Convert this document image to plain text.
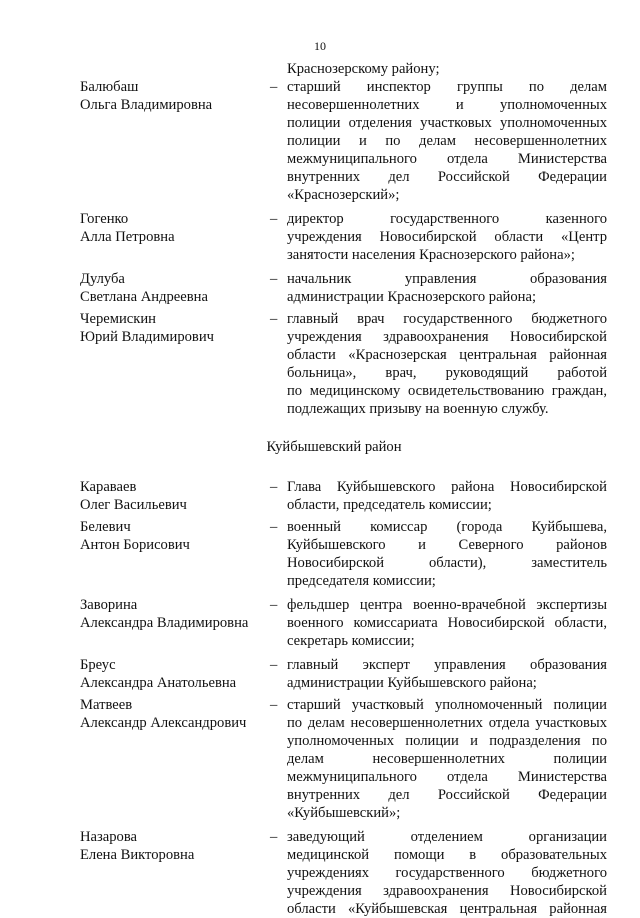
10
Краснозерскому району;
Балюбаш
Ольга Владимировна
– старший инспектор группы по делам
несовершеннолетних и уполномоченных
полиции отделения участковых уполномоченных
полиции и по делам несовершеннолетних
межмуниципального отдела Министерства
внутренних дел Российской Федерации
«Краснозерский»;
Гогенко
Алла Петровна
– директор государственного казенного
учреждения Новосибирской области «Центр
занятости населения Краснозерского района»;
Дулуба
Светлана Андреевна
– начальник управления образования
администрации Краснозерского района;
Черемискин
Юрий Владимирович
– главный врач государственного бюджетного
учреждения здравоохранения Новосибирской
области «Краснозерская центральная районная
больница», врач, руководящий работой
по медицинскому освидетельствованию граждан,
подлежащих призыву на военную службу.
Куйбышевский район
Караваев
Олег Васильевич
– Глава Куйбышевского района Новосибирской
области, председатель комиссии;
Белевич
Антон Борисович
– военный комиссар (города Куйбышева,
Куйбышевского и Северного районов
Новосибирской области), заместитель
председателя комиссии;
Заворина
Александра Владимировна
– фельдшер центра военно-врачебной экспертизы
военного комиссариата Новосибирской области,
секретарь комиссии;
Бреус
Александра Анатольевна
– главный эксперт управления образования
администрации Куйбышевского района;
Матвеев
Александр Александрович
– старший участковый уполномоченный полиции
по делам несовершеннолетних отдела участковых
уполномоченных полиции и подразделения по
делам несовершеннолетних полиции
межмуниципального отдела Министерства
внутренних дел Российской Федерации
«Куйбышевский»;
Назарова
Елена Викторовна
– заведующий отделением организации
медицинской помощи в образовательных
учреждениях государственного бюджетного
учреждения здравоохранения Новосибирской
области «Куйбышевская центральная районная
